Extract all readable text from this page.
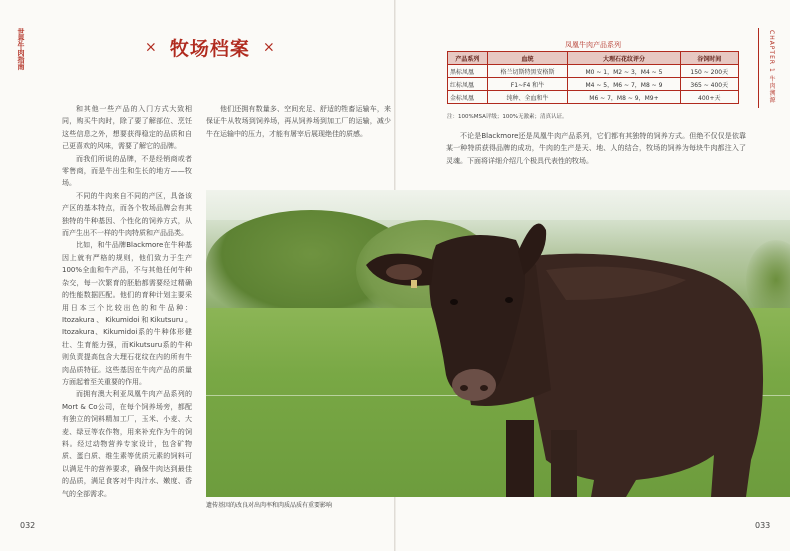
世界牛肉指南	× 牧场档案 ×

和其他一些产品的入门方式大致相同，购买牛肉时，除了要了解部位、烹饪这些信息之外，想要获得稳定的品质和自己更喜欢的风味，需要了解它的品牌。

而我们所说的品牌，不是经销商或者零售商，而是牛出生和生长的地方——牧场。

不同的牛肉来自不同的产区，具备该产区的基本特点，而各个牧场品牌会有其独特的牛种基因、个性化的饲养方式，从而产生出不一样的牛肉特质和产品品类。

比如，和牛品牌Blackmore在牛种基因上就有严格的规则，他们致力于生产100%全血和牛产品，不与其他任何牛种杂交，每一次繁育的胚胎都需要经过精确的性能数据匹配。他们的育种计划主要采用日本三个比较出色的和牛品种：Itozakura、Kikumidoi和Kikutsuru。Itozakura、Kikumidoi系的牛种体形健壮、生育能力强，而Kikutsuru系的牛种则负责提高包含大理石花纹在内的所有牛肉品质特征。这些基因在牛肉产品的质量方面起着至关重要的作用。

而拥有澳大利亚凤凰牛肉产品系列的Mort & Co公司，在每个饲养场旁，都配有独立的饲料精加工厂，玉米、小麦、大麦、绿豆等农作物，用来补充作为牛的饲料。经过动物营养专家设计，包含矿物质、蛋白质、维生素等优质元素的饲料可以满足牛的营养要求，确保牛肉达到最佳的品质，满足食客对牛肉汁水、嫩度、香气的全部需求。

他们还拥有数量多、空间充足、舒适的牲畜运输车，来保证牛从牧场到饲养场，再从饲养场到加工厂的运输，减少牛在运输中的压力，才能有屠宰后展现绝佳的质感。

遗传基因的改良对出肉率和肉质品质有重要影响
032
CHAPTER 1 牛肉溯源
凤凰牛肉产品系列
产品系列	血统	大理石花纹评分	谷饲时间
黑标凤凰	格兰切斯特黑安格斯	M0 ~ 1，M2 ~ 3，M4 ~ 5	150 ~ 200天
红标凤凰	F1~F4 和牛	M4 ~ 5，M6 ~ 7，M8 ~ 9	365 ~ 400天
金标凤凰	纯种、全血和牛	M6 ~ 7，M8 ~ 9，M9+	400+天
注：100%MSA评级；100%无激素；清真认证。

不论是Blackmore还是凤凰牛肉产品系列，它们都有其独特的饲养方式。但绝不仅仅是依靠某一种特质获得品牌的成功，牛肉的生产是天、地、人的结合，牧场的饲养为每块牛肉都注入了灵魂。下面将详细介绍几个极具代表性的牧场。

033
